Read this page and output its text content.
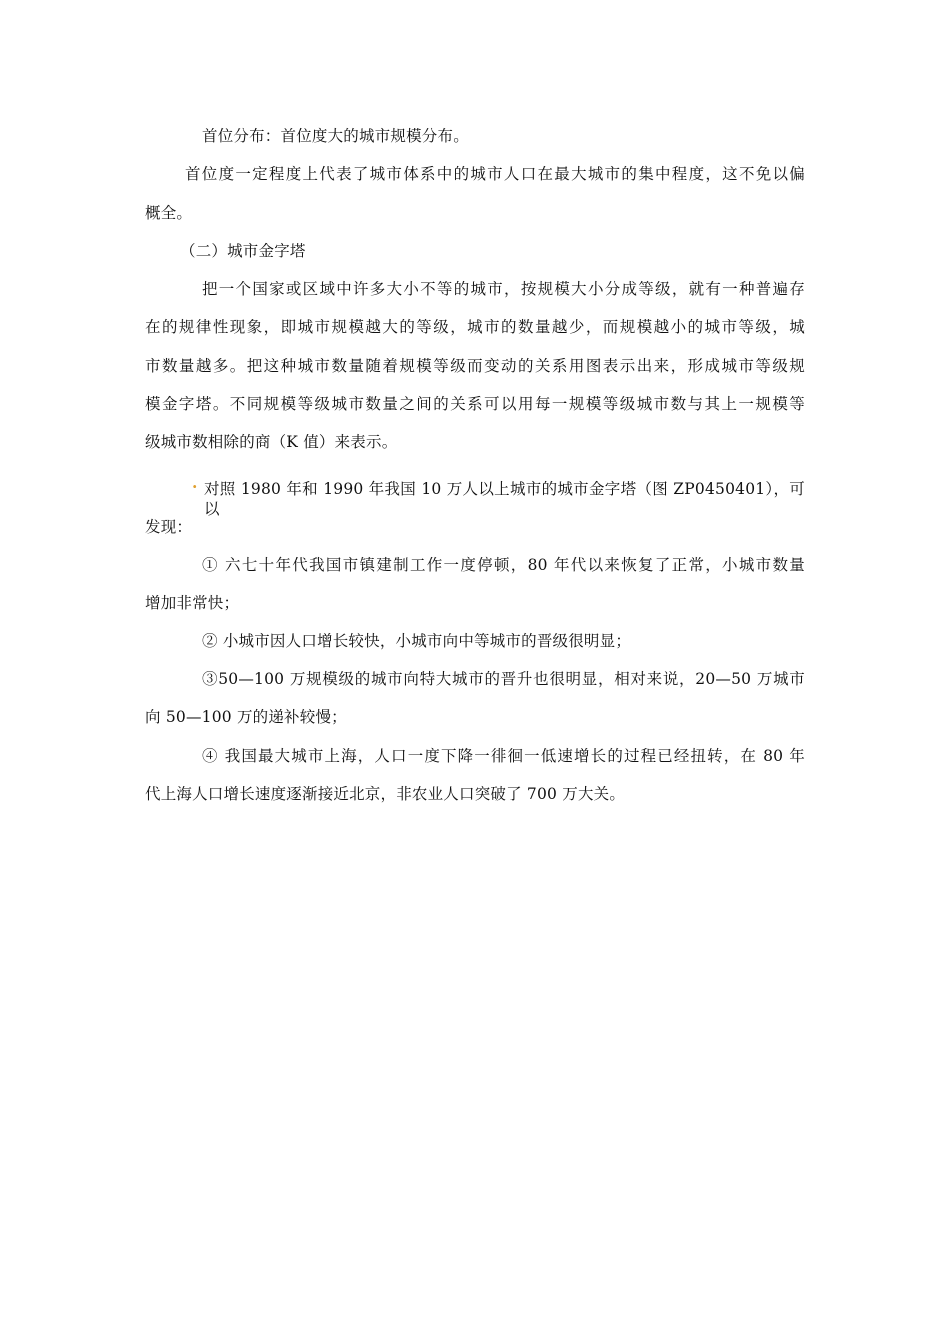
首位分布：首位度大的城市规模分布。
首位度一定程度上代表了城市体系中的城市人口在最大城市的集中程度，这不免以偏
概全。
（二）城市金字塔
把一个国家或区域中许多大小不等的城市，按规模大小分成等级，就有一种普遍存
在的规律性现象，即城市规模越大的等级，城市的数量越少，而规模越小的城市等级，城
市数量越多。把这种城市数量随着规模等级而变动的关系用图表示出来，形成城市等级规
模金字塔。不同规模等级城市数量之间的关系可以用每一规模等级城市数与其上一规模等
级城市数相除的商（K 值）来表示。
. 对照 1980 年和 1990 年我国 10 万人以上城市的城市金字塔（图 ZP0450401），可以
发现：
① 六七十年代我国市镇建制工作一度停顿，80 年代以来恢复了正常，小城市数量
增加非常快；
② 小城市因人口增长较快，小城市向中等城市的晋级很明显；
③50—100 万规模级的城市向特大城市的晋升也很明显，相对来说，20—50 万城市
向 50—100 万的递补较慢；
④ 我国最大城市上海，人口一度下降一徘徊一低速增长的过程已经扭转，在 80 年
代上海人口增长速度逐渐接近北京，非农业人口突破了 700 万大关。
